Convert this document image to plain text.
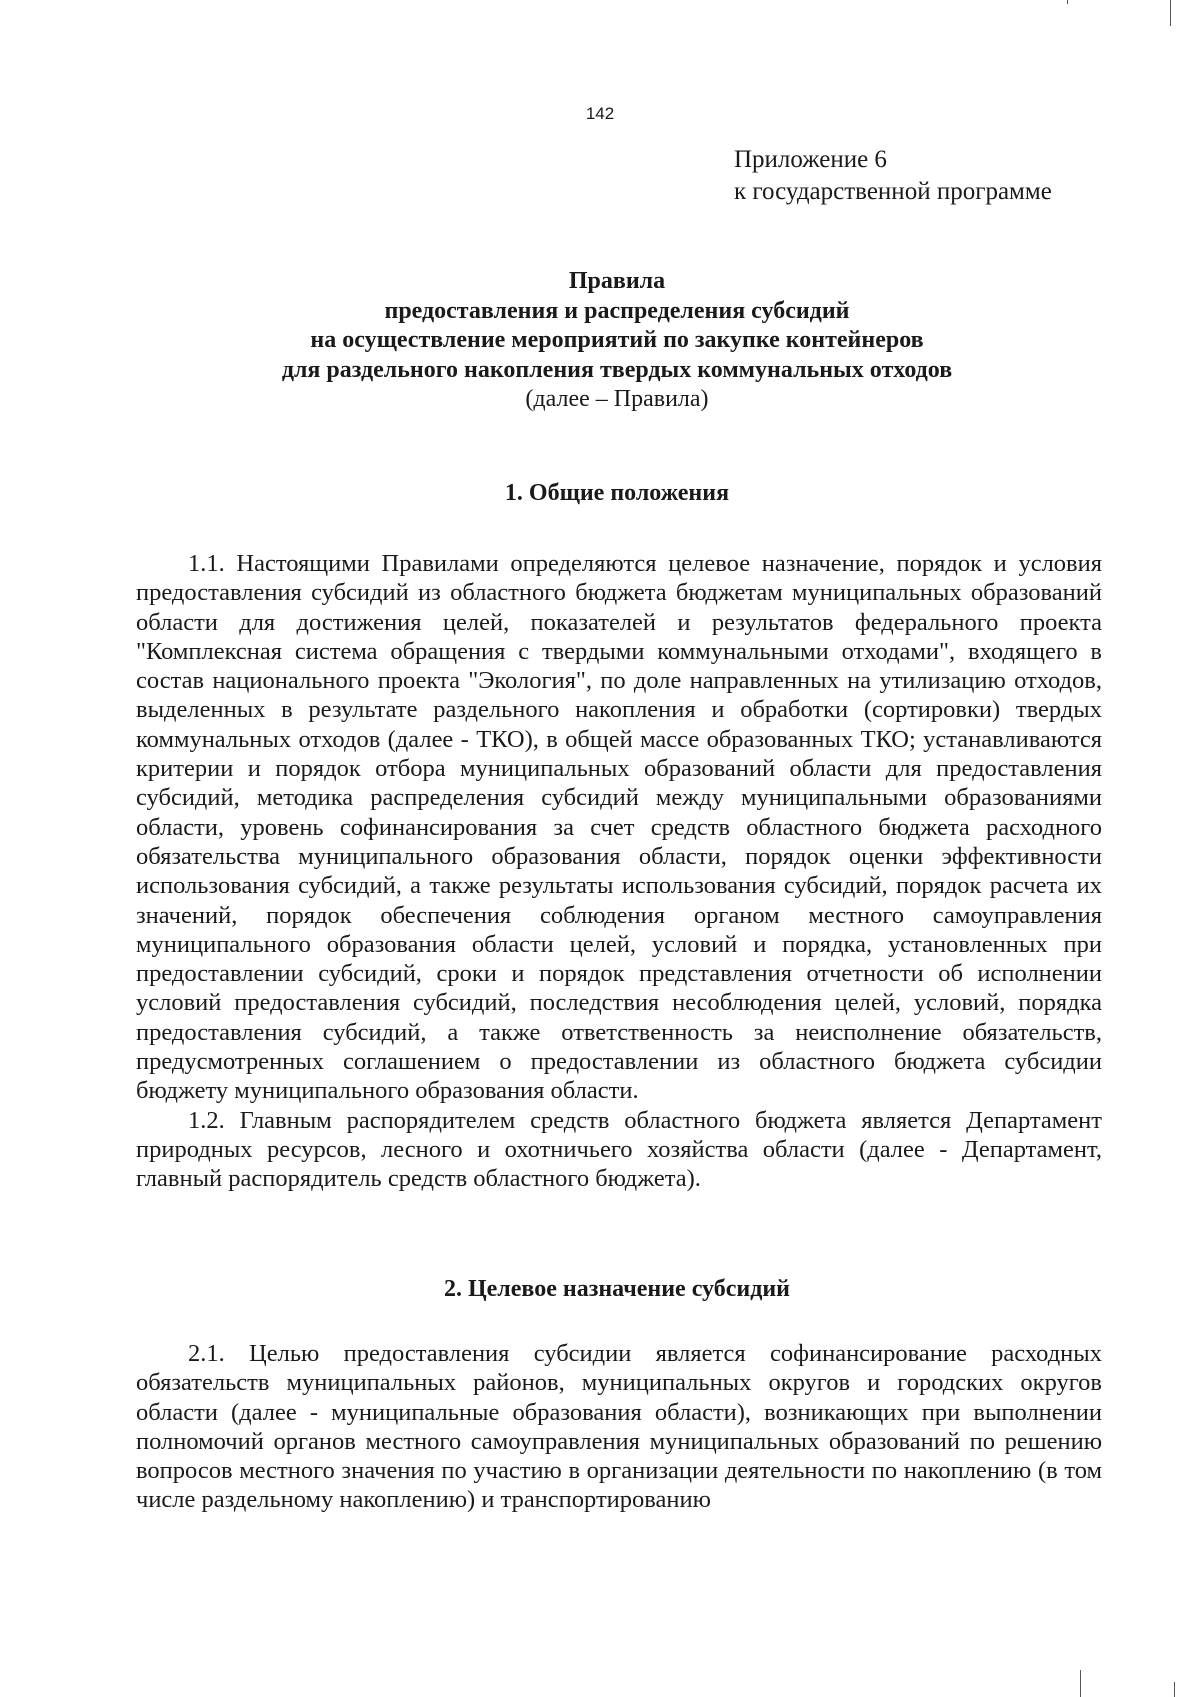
142
Приложение 6
к государственной программе
Правила
предоставления и распределения субсидий
на осуществление мероприятий по закупке контейнеров
для раздельного накопления твердых коммунальных отходов
(далее – Правила)
1. Общие положения

1.1. Настоящими Правилами определяются целевое назначение, порядок и условия предоставления субсидий из областного бюджета бюджетам муниципальных образований области для достижения целей, показателей и результатов федерального проекта "Комплексная система обращения с твердыми коммунальными отходами", входящего в состав национального проекта "Экология", по доле направленных на утилизацию отходов, выделенных в результате раздельного накопления и обработки (сортировки) твердых коммунальных отходов (далее - ТКО), в общей массе образованных ТКО; устанавливаются критерии и порядок отбора муниципальных образований области для предоставления субсидий, методика распределения субсидий между муниципальными образованиями области, уровень софинансирования за счет средств областного бюджета расходного обязательства муниципального образования области, порядок оценки эффективности использования субсидий, а также результаты использования субсидий, порядок расчета их значений, порядок обеспечения соблюдения органом местного самоуправления муниципального образования области целей, условий и порядка, установленных при предоставлении субсидий, сроки и порядок представления отчетности об исполнении условий предоставления субсидий, последствия несоблюдения целей, условий, порядка предоставления субсидий, а также ответственность за неисполнение обязательств, предусмотренных соглашением о предоставлении из областного бюджета субсидии бюджету муниципального образования области.

1.2. Главным распорядителем средств областного бюджета является Департамент природных ресурсов, лесного и охотничьего хозяйства области (далее - Департамент, главный распорядитель средств областного бюджета).

2. Целевое назначение субсидий

2.1. Целью предоставления субсидии является софинансирование расходных обязательств муниципальных районов, муниципальных округов и городских округов области (далее - муниципальные образования области), возникающих при выполнении полномочий органов местного самоуправления муниципальных образований по решению вопросов местного значения по участию в организации деятельности по накоплению (в том числе раздельному накоплению) и транспортированию
